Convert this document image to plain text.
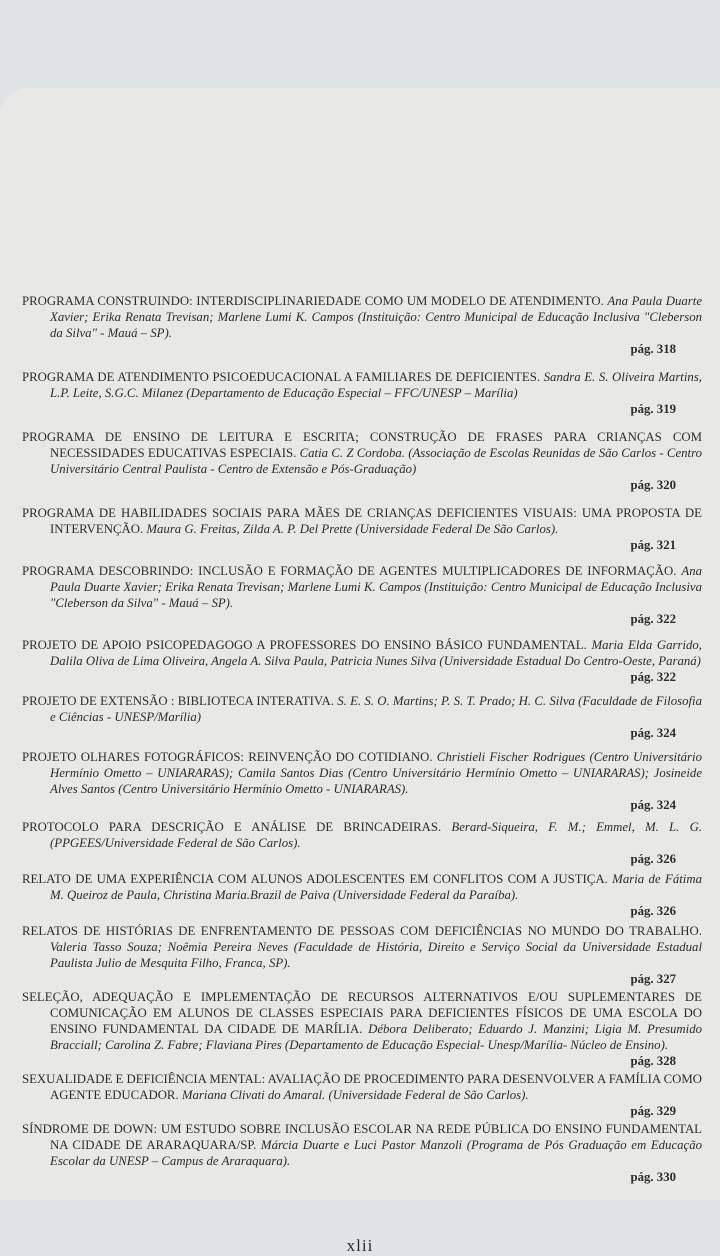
PROGRAMA CONSTRUINDO: INTERDISCIPLINARIEDADE COMO UM MODELO DE ATENDIMENTO. Ana Paula Duarte Xavier; Erika Renata Trevisan; Marlene Lumi K. Campos (Instituição: Centro Municipal de Educação Inclusiva "Cleberson da Silva" - Mauá – SP).
pág. 318
PROGRAMA DE ATENDIMENTO PSICOEDUCACIONAL A FAMILIARES DE DEFICIENTES. Sandra E. S. Oliveira Martins, L.P. Leite, S.G.C. Milanez (Departamento de Educação Especial – FFC/UNESP – Marília)
pág. 319
PROGRAMA DE ENSINO DE LEITURA E ESCRITA; CONSTRUÇÃO DE FRASES PARA CRIANÇAS COM NECESSIDADES EDUCATIVAS ESPECIAIS. Catia C. Z Cordoba. (Associação de Escolas Reunidas de São Carlos - Centro Universitário Central Paulista - Centro de Extensão e Pós-Graduação)
pág. 320
PROGRAMA DE HABILIDADES SOCIAIS PARA MÃES DE CRIANÇAS DEFICIENTES VISUAIS: UMA PROPOSTA DE INTERVENÇÃO. Maura G. Freitas, Zilda A. P. Del Prette (Universidade Federal De São Carlos).
pág. 321
PROGRAMA DESCOBRINDO: INCLUSÃO E FORMAÇÃO DE AGENTES MULTIPLICADORES DE INFORMAÇÃO. Ana Paula Duarte Xavier; Erika Renata Trevisan; Marlene Lumi K. Campos (Instituição: Centro Municipal de Educação Inclusiva "Cleberson da Silva" - Mauá – SP).
pág. 322
PROJETO DE APOIO PSICOPEDAGOGO A PROFESSORES DO ENSINO BÁSICO FUNDAMENTAL. Maria Elda Garrido, Dalila Oliva de Lima Oliveira, Angela A. Silva Paula, Patricia Nunes Silva (Universidade Estadual Do Centro-Oeste, Paraná)
pág. 322
PROJETO DE EXTENSÃO : BIBLIOTECA INTERATIVA. S. E. S. O. Martins; P. S. T. Prado; H. C. Silva (Faculdade de Filosofia e Ciências - UNESP/Marília)
pág. 324
PROJETO OLHARES FOTOGRÁFICOS: REINVENÇÃO DO COTIDIANO. Christieli Fischer Rodrigues (Centro Universitário Hermínio Ometto – UNIARARAS); Camila Santos Dias (Centro Universitário Hermínio Ometto – UNIARARAS); Josineide Alves Santos (Centro Universitário Hermínio Ometto - UNIARARAS).
pág. 324
PROTOCOLO PARA DESCRIÇÃO E ANÁLISE DE BRINCADEIRAS. Berard-Siqueira, F. M.; Emmel, M. L. G. (PPGEES/Universidade Federal de São Carlos).
pág. 326
RELATO DE UMA EXPERIÊNCIA COM ALUNOS ADOLESCENTES EM CONFLITOS COM A JUSTIÇA. Maria de Fátima M. Queiroz de Paula, Christina Maria.Brazil de Paiva (Universidade Federal da Paraíba).
pág. 326
RELATOS DE HISTÓRIAS DE ENFRENTAMENTO DE PESSOAS COM DEFICIÊNCIAS NO MUNDO DO TRABALHO. Valeria Tasso Souza; Noêmia Pereira Neves (Faculdade de História, Direito e Serviço Social da Universidade Estadual Paulista Julio de Mesquita Filho, Franca, SP).
pág. 327
SELEÇÃO, ADEQUAÇÃO E IMPLEMENTAÇÃO DE RECURSOS ALTERNATIVOS E/OU SUPLEMENTARES DE COMUNICAÇÃO EM ALUNOS DE CLASSES ESPECIAIS PARA DEFICIENTES FÍSICOS DE UMA ESCOLA DO ENSINO FUNDAMENTAL DA CIDADE DE MARÍLIA. Débora Deliberato; Eduardo J. Manzini; Ligia M. Presumido Bracciall; Carolina Z. Fabre; Flaviana Pires (Departamento de Educação Especial- Unesp/Marília- Núcleo de Ensino).
pág. 328
SEXUALIDADE E DEFICIÊNCIA MENTAL: AVALIAÇÃO DE PROCEDIMENTO PARA DESENVOLVER A FAMÍLIA COMO AGENTE EDUCADOR. Mariana Clivati do Amaral. (Universidade Federal de São Carlos).
pág. 329
SÍNDROME DE DOWN: UM ESTUDO SOBRE INCLUSÃO ESCOLAR NA REDE PÚBLICA DO ENSINO FUNDAMENTAL NA CIDADE DE ARARAQUARA/SP. Márcia Duarte e Luci Pastor Manzoli (Programa de Pós Graduação em Educação Escolar da UNESP – Campus de Araraquara).
pág. 330
xlii
